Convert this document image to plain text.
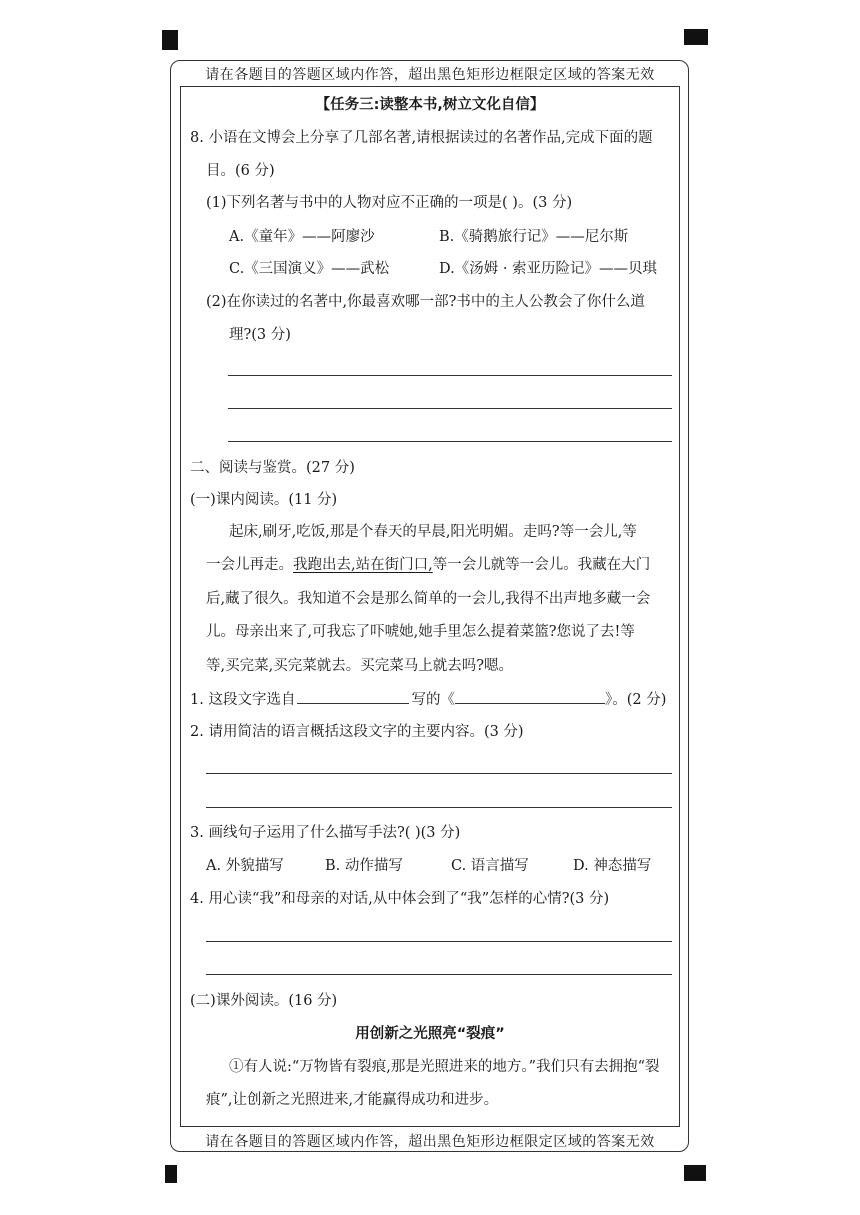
请在各题目的答题区域内作答，超出黑色矩形边框限定区域的答案无效
【任务三:读整本书,树立文化自信】
8. 小语在文博会上分享了几部名著,请根据读过的名著作品,完成下面的题
目。(6 分)
(1)下列名著与书中的人物对应不正确的一项是( )。(3 分)
A.《童年》——阿廖沙	B.《骑鹅旅行记》——尼尔斯
C.《三国演义》——武松	D.《汤姆 · 索亚历险记》——贝琪
(2)在你读过的名著中,你最喜欢哪一部?书中的主人公教会了你什么道
理?(3 分)
二、阅读与鉴赏。(27 分)
(一)课内阅读。(11 分)
起床,刷牙,吃饭,那是个春天的早晨,阳光明媚。走吗?等一会儿,等
一会儿再走。我跑出去,站在街门口,等一会儿就等一会儿。我藏在大门
后,藏了很久。我知道不会是那么简单的一会儿,我得不出声地多藏一会
儿。母亲出来了,可我忘了吓唬她,她手里怎么提着菜篮?您说了去!等
等,买完菜,买完菜就去。买完菜马上就去吗?嗯。
1. 这段文字选自	写的《	》。(2 分)
2. 请用简洁的语言概括这段文字的主要内容。(3 分)
3. 画线句子运用了什么描写手法?( )(3 分)
A. 外貌描写	B. 动作描写	C. 语言描写	D. 神态描写
4. 用心读“我”和母亲的对话,从中体会到了“我”怎样的心情?(3 分)
(二)课外阅读。(16 分)
用创新之光照亮“裂痕”
①有人说:“万物皆有裂痕,那是光照进来的地方。”我们只有去拥抱“裂
痕”,让创新之光照进来,才能赢得成功和进步。
请在各题目的答题区域内作答，超出黑色矩形边框限定区域的答案无效
